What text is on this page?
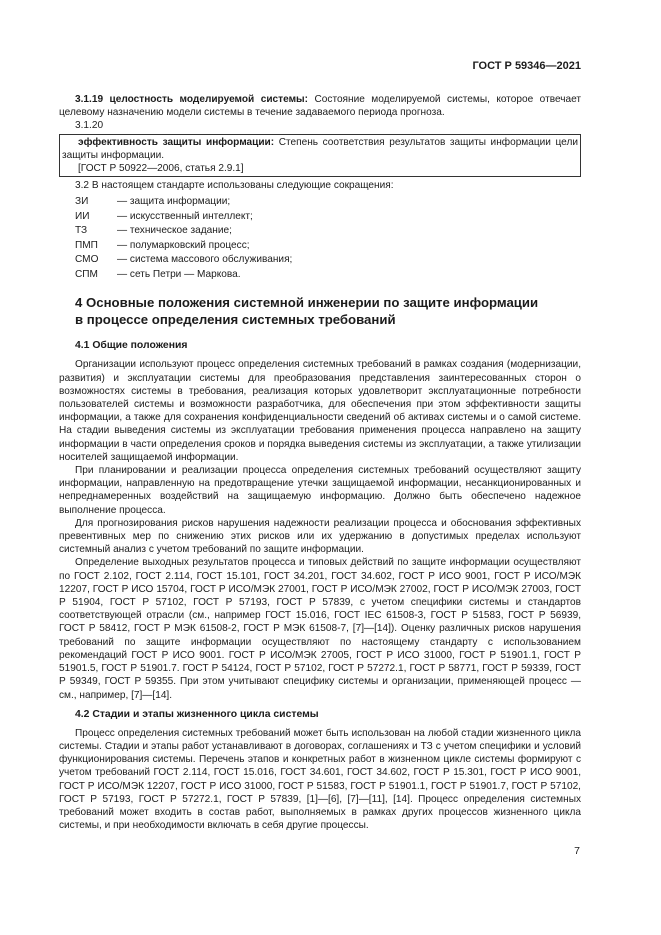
ГОСТ Р 59346—2021

3.1.19 целостность моделируемой системы: Состояние моделируемой системы, которое отвечает целевому назначению модели системы в течение задаваемого периода прогноза.

3.1.20

эффективность защиты информации: Степень соответствия результатов защиты информации цели защиты информации.

[ГОСТ Р 50922—2006, статья 2.9.1]

3.2 В настоящем стандарте использованы следующие сокращения:

ЗИ	— защита информации;
ИИ	— искусственный интеллект;
ТЗ	— техническое задание;
ПМП	— полумарковский процесс;
СМО	— система массового обслуживания;
СПМ	— сеть Петри — Маркова.
4 Основные положения системной инженерии по защите информации
в процессе определения системных требований
4.1 Общие положения

Организации используют процесс определения системных требований в рамках создания (модернизации, развития) и эксплуатации системы для преобразования представления заинтересованных сторон о возможностях системы в требования, реализация которых удовлетворит эксплуатационные потребности пользователей системы и возможности разработчика, для обеспечения при этом эффективности защиты информации, а также для сохранения конфиденциальности сведений об активах системы и о самой системе. На стадии выведения системы из эксплуатации требования применения процесса направлено на защиту информации в части определения сроков и порядка выведения системы из эксплуатации, а также утилизации носителей защищаемой информации.

При планировании и реализации процесса определения системных требований осуществляют защиту информации, направленную на предотвращение утечки защищаемой информации, несанкционированных и непреднамеренных воздействий на защищаемую информацию. Должно быть обеспечено надежное выполнение процесса.

Для прогнозирования рисков нарушения надежности реализации процесса и обоснования эффективных превентивных мер по снижению этих рисков или их удержанию в допустимых пределах используют системный анализ с учетом требований по защите информации.

Определение выходных результатов процесса и типовых действий по защите информации осуществляют по ГОСТ 2.102, ГОСТ 2.114, ГОСТ 15.101, ГОСТ 34.201, ГОСТ 34.602, ГОСТ Р ИСО 9001, ГОСТ Р ИСО/МЭК 12207, ГОСТ Р ИСО 15704, ГОСТ Р ИСО/МЭК 27001, ГОСТ Р ИСО/МЭК 27002, ГОСТ Р ИСО/МЭК 27003, ГОСТ Р 51904, ГОСТ Р 57102, ГОСТ Р 57193, ГОСТ Р 57839, с учетом специфики системы и стандартов соответствующей отрасли (см., например ГОСТ 15.016, ГОСТ IEC 61508-3, ГОСТ Р 51583, ГОСТ Р 56939, ГОСТ Р 58412, ГОСТ Р МЭК 61508-2, ГОСТ Р МЭК 61508-7, [7]—[14]). Оценку различных рисков нарушения требований по защите информации осуществляют по настоящему стандарту с использованием рекомендаций ГОСТ Р ИСО 9001. ГОСТ Р ИСО/МЭК 27005, ГОСТ Р ИСО 31000, ГОСТ Р 51901.1, ГОСТ Р 51901.5, ГОСТ Р 51901.7. ГОСТ Р 54124, ГОСТ Р 57102, ГОСТ Р 57272.1, ГОСТ Р 58771, ГОСТ Р 59339, ГОСТ Р 59349, ГОСТ Р 59355. При этом учитывают специфику системы и организации, применяющей процесс — см., например, [7]—[14].

4.2 Стадии и этапы жизненного цикла системы

Процесс определения системных требований может быть использован на любой стадии жизненного цикла системы. Стадии и этапы работ устанавливают в договорах, соглашениях и ТЗ с учетом специфики и условий функционирования системы. Перечень этапов и конкретных работ в жизненном цикле системы формируют с учетом требований ГОСТ 2.114, ГОСТ 15.016, ГОСТ 34.601, ГОСТ 34.602, ГОСТ Р 15.301, ГОСТ Р ИСО 9001, ГОСТ Р ИСО/МЭК 12207, ГОСТ Р ИСО 31000, ГОСТ Р 51583, ГОСТ Р 51901.1, ГОСТ Р 51901.7, ГОСТ Р 57102, ГОСТ Р 57193, ГОСТ Р 57272.1, ГОСТ Р 57839, [1]—[6], [7]—[11], [14]. Процесс определения системных требований может входить в состав работ, выполняемых в рамках других процессов жизненного цикла системы, и при необходимости включать в себя другие процессы.

7
